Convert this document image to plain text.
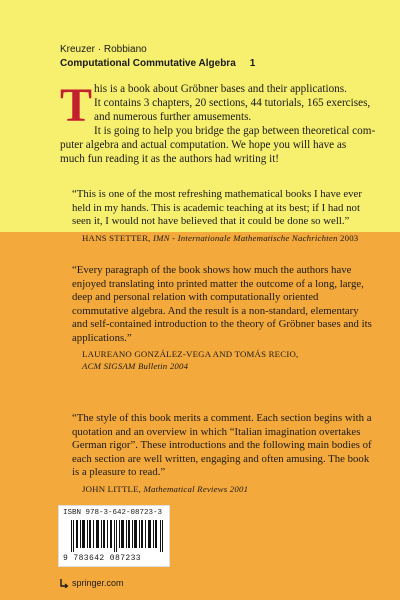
Kreuzer · Robbiano
Computational Commutative Algebra 1
T his is a book about Gröbner bases and their applications.
It contains 3 chapters, 20 sections, 44 tutorials, 165 exercises,
and numerous further amusements.
It is going to help you bridge the gap between theoretical com-
puter algebra and actual computation. We hope you will have as
much fun reading it as the authors had writing it!

“This is one of the most refreshing mathematical books I have ever held in my hands. This is academic teaching at its best; if I had not seen it, I would not have believed that it could be done so well.”

HANS STETTER, IMN - Internationale Mathematische Nachrichten 2003

“Every paragraph of the book shows how much the authors have enjoyed translating into printed matter the outcome of a long, large, deep and personal relation with computationally oriented commutative algebra. And the result is a non-standard, elementary and self-contained introduction to the theory of Gröbner bases and its applications.”

LAUREANO GONZÁLEZ-VEGA AND TOMÁS RECIO,
ACM SIGSAM Bulletin 2004

“The style of this book merits a comment. Each section begins with a quotation and an overview in which “Italian imagination overtakes German rigor”. These introductions and the following main bodies of each section are well written, engaging and often amusing. The book is a pleasure to read.”

JOHN LITTLE, Mathematical Reviews 2001
ISBN 978-3-642-08723-3
9 783642 087233
springer.com
